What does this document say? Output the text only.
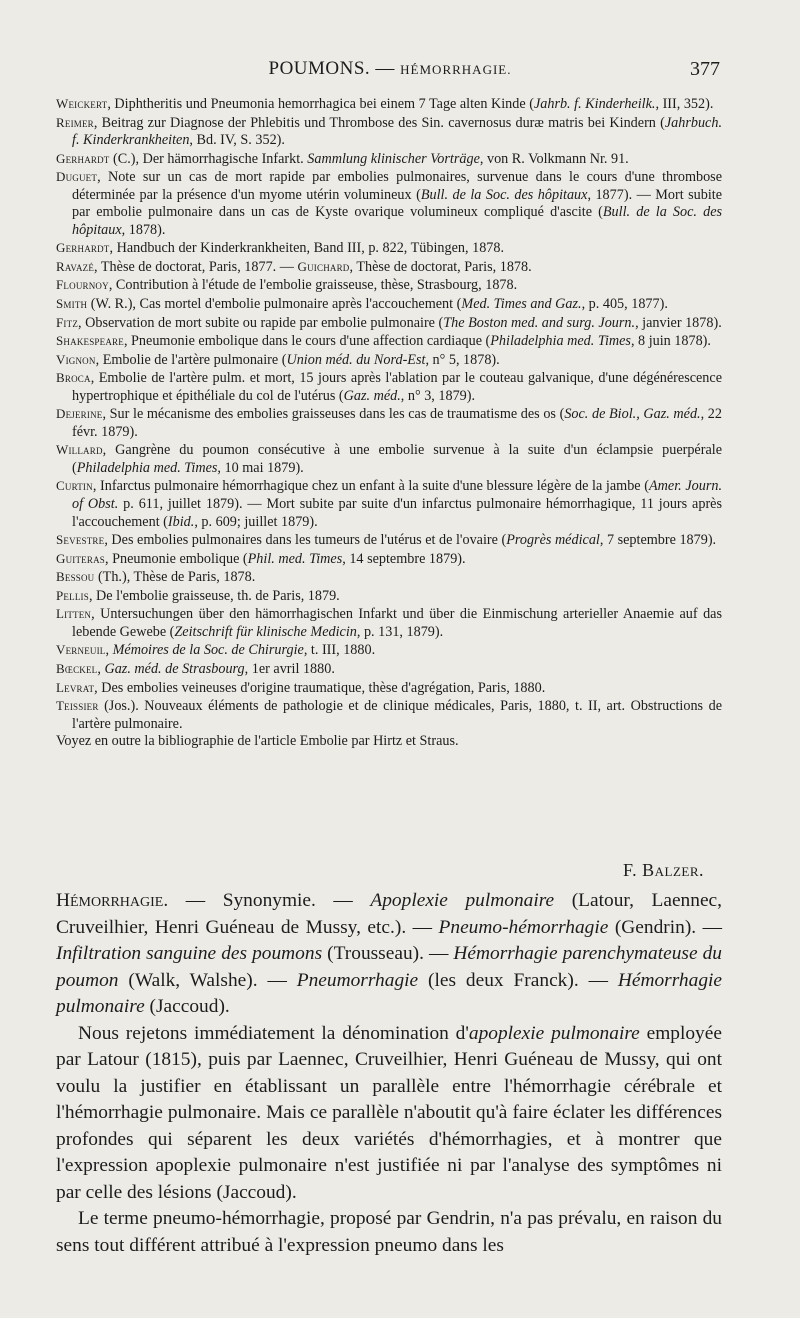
POUMONS. — HÉMORRHAGIE.	377
Weickert, Diphtheritis und Pneumonia hemorrhagica bei einem 7 Tage alten Kinde (Jahrb. f. Kinderheilk., III, 352).
Reimer, Beitrag zur Diagnose der Phlebitis und Thrombose des Sin. cavernosus duræ matris bei Kindern (Jahrbuch. f. Kinderkrankheiten, Bd. IV, S. 352).
Gerhardt (C.), Der hämorrhagische Infarkt. Sammlung klinischer Vorträge, von R. Volkmann Nr. 91.
Duguet, Note sur un cas de mort rapide par embolies pulmonaires, survenue dans le cours d'une thrombose déterminée par la présence d'un myome utérin volumineux (Bull. de la Soc. des hôpitaux, 1877). — Mort subite par embolie pulmonaire dans un cas de Kyste ovarique volumineux compliqué d'ascite (Bull. de la Soc. des hôpitaux, 1878).
Gerhardt, Handbuch der Kinderkrankheiten, Band III, p. 822, Tübingen, 1878.
Ravazé, Thèse de doctorat, Paris, 1877. — Guichard, Thèse de doctorat, Paris, 1878.
Flournoy, Contribution à l'étude de l'embolie graisseuse, thèse, Strasbourg, 1878.
Smith (W. R.), Cas mortel d'embolie pulmonaire après l'accouchement (Med. Times and Gaz., p. 405, 1877).
Fitz, Observation de mort subite ou rapide par embolie pulmonaire (The Boston med. and surg. Journ., janvier 1878).
Shakespeare, Pneumonie embolique dans le cours d'une affection cardiaque (Philadelphia med. Times, 8 juin 1878).
Vignon, Embolie de l'artère pulmonaire (Union méd. du Nord-Est, n° 5, 1878).
Broca, Embolie de l'artère pulm. et mort, 15 jours après l'ablation par le couteau galvanique, d'une dégénérescence hypertrophique et épithéliale du col de l'utérus (Gaz. méd., n° 3, 1879).
Dejerine, Sur le mécanisme des embolies graisseuses dans les cas de traumatisme des os (Soc. de Biol., Gaz. méd., 22 févr. 1879).
Willard, Gangrène du poumon consécutive à une embolie survenue à la suite d'un éclampsie puerpérale (Philadelphia med. Times, 10 mai 1879).
Curtin, Infarctus pulmonaire hémorrhagique chez un enfant à la suite d'une blessure légère de la jambe (Amer. Journ. of Obst. p. 611, juillet 1879). — Mort subite par suite d'un infarctus pulmonaire hémorrhagique, 11 jours après l'accouchement (Ibid., p. 609; juillet 1879).
Sevestre, Des embolies pulmonaires dans les tumeurs de l'utérus et de l'ovaire (Progrès médical, 7 septembre 1879).
Guiteras, Pneumonie embolique (Phil. med. Times, 14 septembre 1879).
Bessou (Th.), Thèse de Paris, 1878.
Pellis, De l'embolie graisseuse, th. de Paris, 1879.
Litten, Untersuchungen über den hämorrhagischen Infarkt und über die Einmischung arterieller Anaemie auf das lebende Gewebe (Zeitschrift für klinische Medicin, p. 131, 1879).
Verneuil, Mémoires de la Soc. de Chirurgie, t. III, 1880.
Bœckel, Gaz. méd. de Strasbourg, 1er avril 1880.
Levrat, Des embolies veineuses d'origine traumatique, thèse d'agrégation, Paris, 1880.
Teissier (Jos.). Nouveaux éléments de pathologie et de clinique médicales, Paris, 1880, t. II, art. Obstructions de l'artère pulmonaire.
Voyez en outre la bibliographie de l'article Embolie par Hirtz et Straus.
F. Balzer.

Hémorrhagie. — Synonymie. — Apoplexie pulmonaire (Latour, Laennec, Cruveilhier, Henri Guéneau de Mussy, etc.). — Pneumo-hémorrhagie (Gendrin). — Infiltration sanguine des poumons (Trousseau). — Hémorrhagie parenchymateuse du poumon (Walk, Walshe). — Pneumorrhagie (les deux Franck). — Hémorrhagie pulmonaire (Jaccoud).

Nous rejetons immédiatement la dénomination d'apoplexie pulmonaire employée par Latour (1815), puis par Laennec, Cruveilhier, Henri Guéneau de Mussy, qui ont voulu la justifier en établissant un parallèle entre l'hémorrhagie cérébrale et l'hémorrhagie pulmonaire. Mais ce parallèle n'aboutit qu'à faire éclater les différences profondes qui séparent les deux variétés d'hémorrhagies, et à montrer que l'expression apoplexie pulmonaire n'est justifiée ni par l'analyse des symptômes ni par celle des lésions (Jaccoud).

Le terme pneumo-hémorrhagie, proposé par Gendrin, n'a pas prévalu, en raison du sens tout différent attribué à l'expression pneumo dans les
